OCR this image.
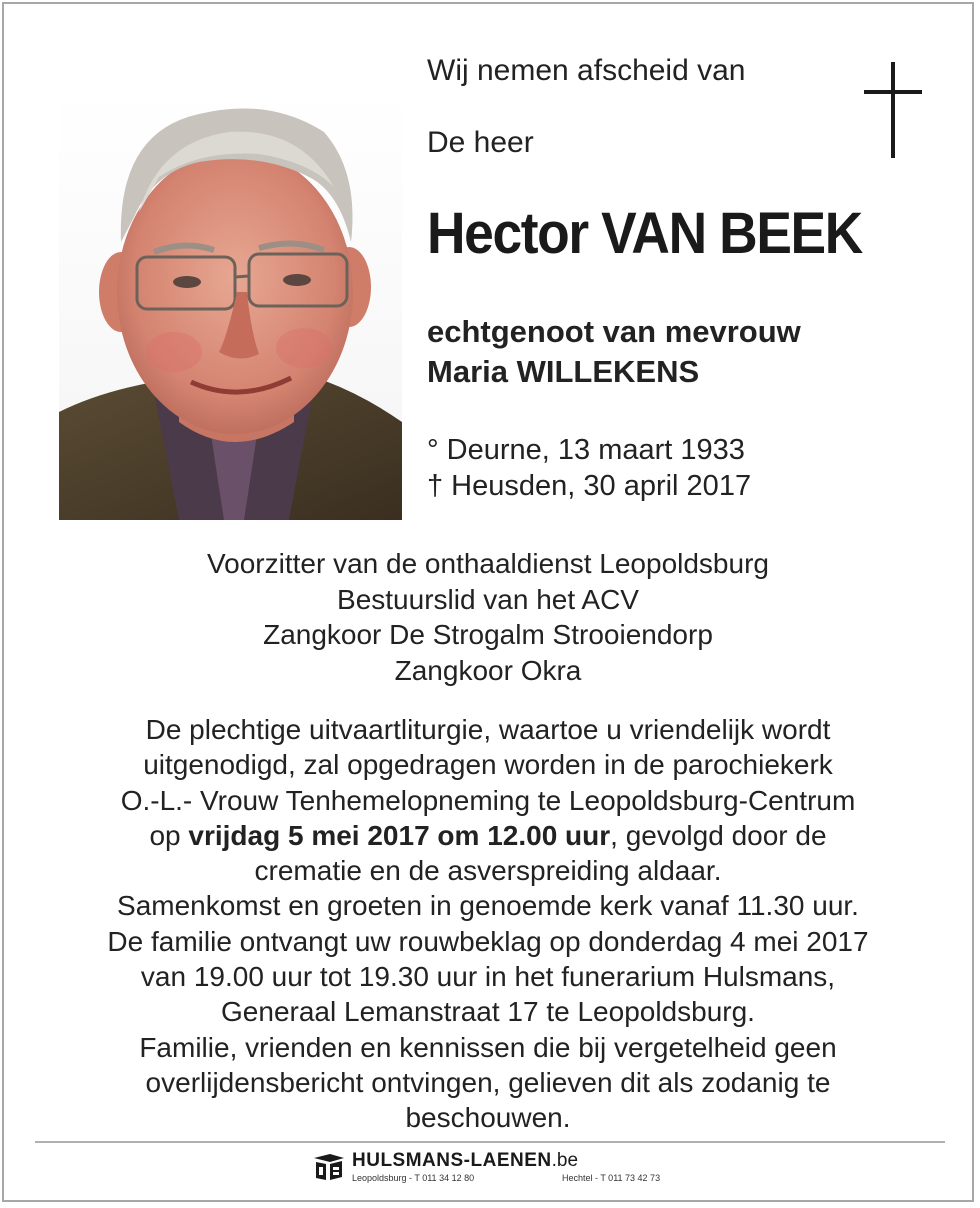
Wij nemen afscheid van
De heer
Hector VAN BEEK
echtgenoot van mevrouw
Maria WILLEKENS
° Deurne, 13 maart 1933
† Heusden, 30 april 2017
Voorzitter van de onthaaldienst Leopoldsburg
Bestuurslid van het ACV
Zangkoor De Strogalm Strooiendorp
Zangkoor Okra
De plechtige uitvaartliturgie, waartoe u vriendelijk wordt
uitgenodigd, zal opgedragen worden in de parochiekerk
O.-L.- Vrouw Tenhemelopneming te Leopoldsburg-Centrum
op vrijdag 5 mei 2017 om 12.00 uur, gevolgd door de
crematie en de asverspreiding aldaar.
Samenkomst en groeten in genoemde kerk vanaf 11.30 uur.
De familie ontvangt uw rouwbeklag op donderdag 4 mei 2017
van 19.00 uur tot 19.30 uur in het funerarium Hulsmans,
Generaal Lemanstraat 17 te Leopoldsburg.
Familie, vrienden en kennissen die bij vergetelheid geen
overlijdensbericht ontvingen, gelieven dit als zodanig te
beschouwen.
HULSMANS-LAENEN.be
Leopoldsburg - T 011 34 12 80	Hechtel - T 011 73 42 73
